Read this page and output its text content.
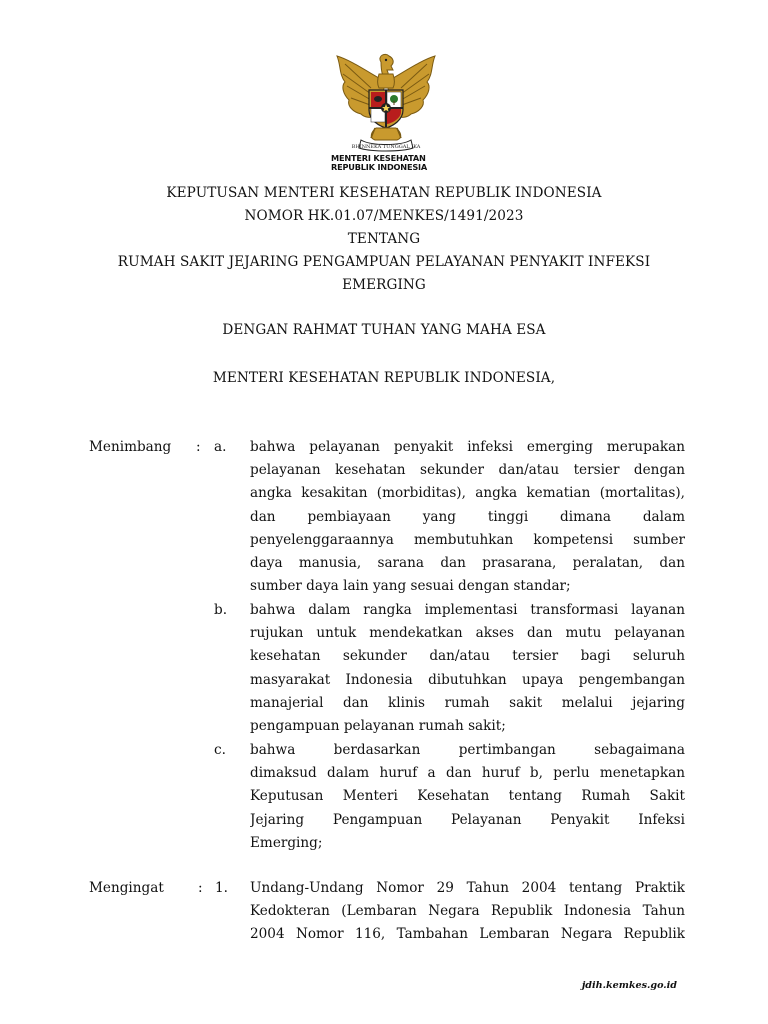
BHINNEKA TUNGGAL IKA
MENTERI KESEHATAN
REPUBLIK INDONESIA
KEPUTUSAN MENTERI KESEHATAN REPUBLIK INDONESIA
NOMOR HK.01.07/MENKES/1491/2023
TENTANG
RUMAH SAKIT JEJARING PENGAMPUAN PELAYANAN PENYAKIT INFEKSI
EMERGING
DENGAN RAHMAT TUHAN YANG MAHA ESA
MENTERI KESEHATAN REPUBLIK INDONESIA,
Menimbang : a. bahwa pelayanan penyakit infeksi emerging merupakan
pelayanan kesehatan sekunder dan/atau tersier dengan
angka kesakitan (morbiditas), angka kematian (mortalitas),
dan pembiayaan yang tinggi dimana dalam
penyelenggaraannya membutuhkan kompetensi sumber
daya manusia, sarana dan prasarana, peralatan, dan
sumber daya lain yang sesuai dengan standar;
b. bahwa dalam rangka implementasi transformasi layanan
rujukan untuk mendekatkan akses dan mutu pelayanan
kesehatan sekunder dan/atau tersier bagi seluruh
masyarakat Indonesia dibutuhkan upaya pengembangan
manajerial dan klinis rumah sakit melalui jejaring
pengampuan pelayanan rumah sakit;
c. bahwa berdasarkan pertimbangan sebagaimana
dimaksud dalam huruf a dan huruf b, perlu menetapkan
Keputusan Menteri Kesehatan tentang Rumah Sakit
Jejaring Pengampuan Pelayanan Penyakit Infeksi
Emerging;
Mengingat	: 1. Undang-Undang Nomor 29 Tahun 2004 tentang Praktik
Kedokteran (Lembaran Negara Republik Indonesia Tahun
2004 Nomor 116, Tambahan Lembaran Negara Republik
jdih.kemkes.go.id
